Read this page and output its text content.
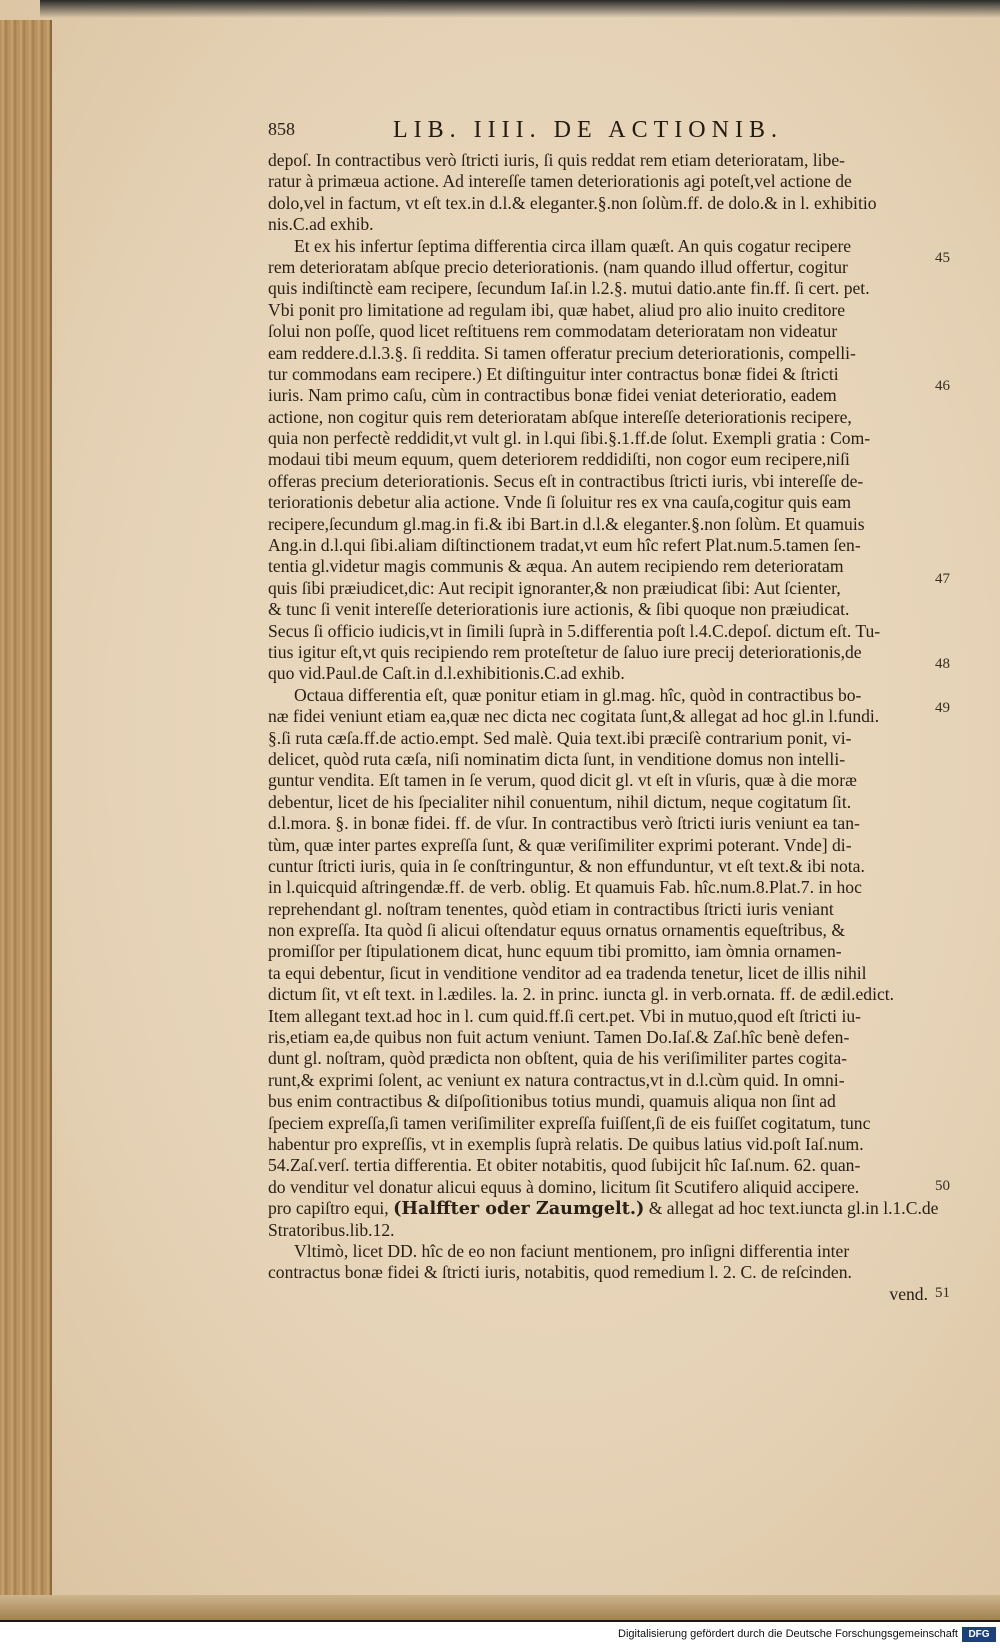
858	LIB. IIII. DE ACTIONIB.
depoſ. In contractibus verò ſtricti iuris, ſi quis reddat rem etiam deterioratam, libe-
ratur à primæua actione. Ad intereſſe tamen deteriorationis agi poteſt,vel actione de
dolo,vel in factum, vt eſt tex.in d.l.& eleganter.§.non ſolùm.ff. de dolo.& in l. exhibitio
nis.C.ad exhib.
Et ex his infertur ſeptima differentia circa illam quæſt. An quis cogatur recipere
rem deterioratam abſque precio deteriorationis. (nam quando illud offertur, cogitur
quis indiſtinctè eam recipere, ſecundum Iaſ.in l.2.§. mutui datio.ante fin.ff. ſi cert. pet.
Vbi ponit pro limitatione ad regulam ibi, quæ habet, aliud pro alio inuito creditore
ſolui non poſſe, quod licet reſtituens rem commodatam deterioratam non videatur
eam reddere.d.l.3.§. ſi reddita. Si tamen offeratur precium deteriorationis, compelli-
tur commodans eam recipere.) Et diſtinguitur inter contractus bonæ fidei & ſtricti
iuris. Nam primo caſu, cùm in contractibus bonæ fidei veniat deterioratio, eadem
actione, non cogitur quis rem deterioratam abſque intereſſe deteriorationis recipere,
quia non perfectè reddidit,vt vult gl. in l.qui ſibi.§.1.ff.de ſolut. Exempli gratia : Com-
modaui tibi meum equum, quem deteriorem reddidiſti, non cogor eum recipere,niſi
offeras precium deteriorationis. Secus eſt in contractibus ſtricti iuris, vbi intereſſe de-
teriorationis debetur alia actione. Vnde ſi ſoluitur res ex vna cauſa,cogitur quis eam
recipere,ſecundum gl.mag.in fi.& ibi Bart.in d.l.& eleganter.§.non ſolùm. Et quamuis
Ang.in d.l.qui ſibi.aliam diſtinctionem tradat,vt eum hîc refert Plat.num.5.tamen ſen-
tentia gl.videtur magis communis & æqua. An autem recipiendo rem deterioratam
quis ſibi præiudicet,dic: Aut recipit ignoranter,& non præiudicat ſibi: Aut ſcienter,
& tunc ſi venit intereſſe deteriorationis iure actionis, & ſibi quoque non præiudicat.
Secus ſi officio iudicis,vt in ſimili ſuprà in 5.differentia poſt l.4.C.depoſ. dictum eſt. Tu-
tius igitur eſt,vt quis recipiendo rem proteſtetur de ſaluo iure precij deteriorationis,de
quo vid.Paul.de Caſt.in d.l.exhibitionis.C.ad exhib.
Octaua differentia eſt, quæ ponitur etiam in gl.mag. hîc, quòd in contractibus bo-
næ fidei veniunt etiam ea,quæ nec dicta nec cogitata ſunt,& allegat ad hoc gl.in l.fundi.
§.ſi ruta cæſa.ff.de actio.empt. Sed malè. Quia text.ibi præciſè contrarium ponit, vi-
delicet, quòd ruta cæſa, niſi nominatim dicta ſunt, in venditione domus non intelli-
guntur vendita. Eſt tamen in ſe verum, quod dicit gl. vt eſt in vſuris, quæ à die moræ
debentur, licet de his ſpecialiter nihil conuentum, nihil dictum, neque cogitatum ſit.
d.l.mora. §. in bonæ fidei. ff. de vſur. In contractibus verò ſtricti iuris veniunt ea tan-
tùm, quæ inter partes expreſſa ſunt, & quæ veriſimiliter exprimi poterant. Vnde] di-
cuntur ſtricti iuris, quia in ſe conſtringuntur, & non effunduntur, vt eſt text.& ibi nota.
in l.quicquid aſtringendæ.ff. de verb. oblig. Et quamuis Fab. hîc.num.8.Plat.7. in hoc
reprehendant gl. noſtram tenentes, quòd etiam in contractibus ſtricti iuris veniant
non expreſſa. Ita quòd ſi alicui oſtendatur equus ornatus ornamentis equeſtribus, &
promiſſor per ſtipulationem dicat, hunc equum tibi promitto, iam òmnia ornamen-
ta equi debentur, ſicut in venditione venditor ad ea tradenda tenetur, licet de illis nihil
dictum ſit, vt eſt text. in l.ædiles. la. 2. in princ. iuncta gl. in verb.ornata. ff. de ædil.edict.
Item allegant text.ad hoc in l. cum quid.ff.ſi cert.pet. Vbi in mutuo,quod eſt ſtricti iu-
ris,etiam ea,de quibus non fuit actum veniunt. Tamen Do.Iaſ.& Zaſ.hîc benè defen-
dunt gl. noſtram, quòd prædicta non obſtent, quia de his veriſimiliter partes cogita-
runt,& exprimi ſolent, ac veniunt ex natura contractus,vt in d.l.cùm quid. In omni-
bus enim contractibus & diſpoſitionibus totius mundi, quamuis aliqua non ſint ad
ſpeciem expreſſa,ſi tamen veriſimiliter expreſſa fuiſſent,ſi de eis fuiſſet cogitatum, tunc
habentur pro expreſſis, vt in exemplis ſuprà relatis. De quibus latius vid.poſt Iaſ.num.
54.Zaſ.verſ. tertia differentia. Et obiter notabitis, quod ſubijcit hîc Iaſ.num. 62. quan-
do venditur vel donatur alicui equus à domino, licitum ſit Scutifero aliquid accipere.
pro capiſtro equi, (Halffter oder Zaumgelt.) & allegat ad hoc text.iuncta gl.in l.1.C.de
Stratoribus.lib.12.
Vltimò, licet DD. hîc de eo non faciunt mentionem, pro inſigni differentia inter
contractus bonæ fidei & ſtricti iuris, notabitis, quod remedium l. 2. C. de reſcinden.
vend.
45
46
47
48
49
50
51
Digitalisierung gefördert durch die Deutsche Forschungsgemeinschaft	DFG
